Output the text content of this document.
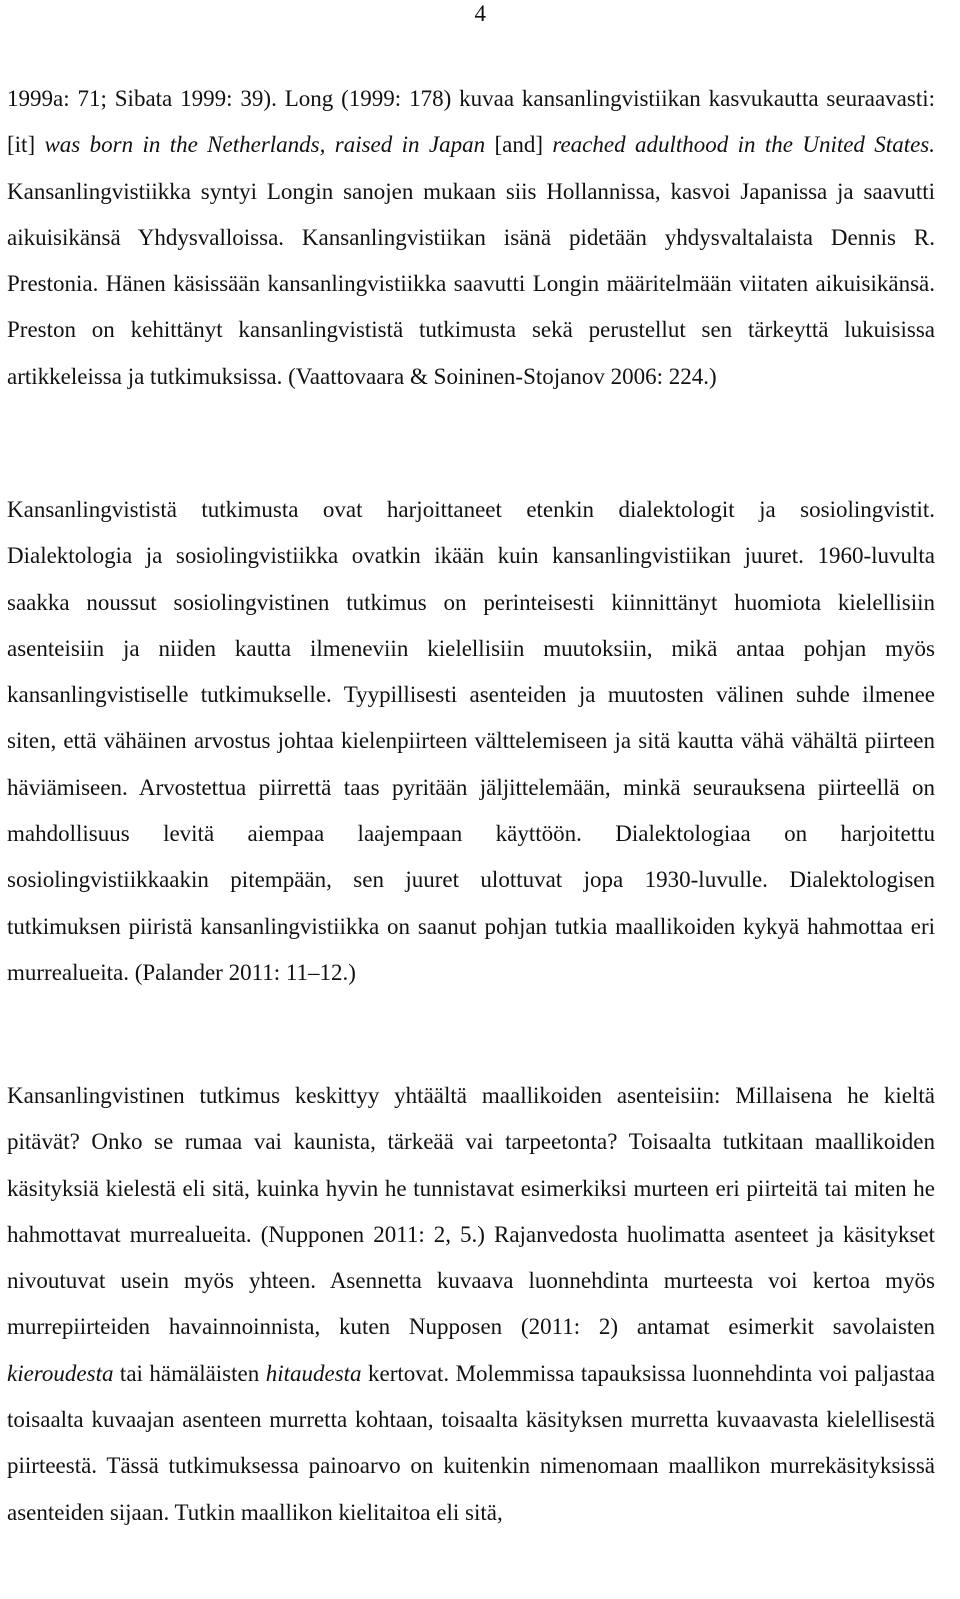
4

1999a: 71; Sibata 1999: 39). Long (1999: 178) kuvaa kansanlingvistiikan kasvukautta seuraavasti: [it] was born in the Netherlands, raised in Japan [and] reached adulthood in the United States. Kansanlingvistiikka syntyi Longin sanojen mukaan siis Hollannissa, kasvoi Japanissa ja saavutti aikuisikänsä Yhdysvalloissa. Kansanlingvistiikan isänä pidetään yhdysvaltalaista Dennis R. Prestonia. Hänen käsissään kansanlingvistiikka saavutti Longin määritelmään viitaten aikuisikänsä. Preston on kehittänyt kansanlingvististä tutkimusta sekä perustellut sen tärkeyttä lukuisissa artikkeleissa ja tutkimuksissa. (Vaattovaara & Soininen-Stojanov 2006: 224.)

Kansanlingvististä tutkimusta ovat harjoittaneet etenkin dialektologit ja sosiolingvistit. Dialektologia ja sosiolingvistiikka ovatkin ikään kuin kansanlingvistiikan juuret. 1960-luvulta saakka noussut sosiolingvistinen tutkimus on perinteisesti kiinnittänyt huomiota kielellisiin asenteisiin ja niiden kautta ilmeneviin kielellisiin muutoksiin, mikä antaa pohjan myös kansanlingvistiselle tutkimukselle. Tyypillisesti asenteiden ja muutosten välinen suhde ilmenee siten, että vähäinen arvostus johtaa kielenpiirteen välttelemiseen ja sitä kautta vähä vähältä piirteen häviämiseen. Arvostettua piirrettä taas pyritään jäljittelemään, minkä seurauksena piirteellä on mahdollisuus levitä aiempaa laajempaan käyttöön. Dialektologiaa on harjoitettu sosiolingvistiikkaakin pitempään, sen juuret ulottuvat jopa 1930-luvulle. Dialektologisen tutkimuksen piiristä kansanlingvistiikka on saanut pohjan tutkia maallikoiden kykyä hahmottaa eri murrealueita. (Palander 2011: 11–12.)

Kansanlingvistinen tutkimus keskittyy yhtäältä maallikoiden asenteisiin: Millaisena he kieltä pitävät? Onko se rumaa vai kaunista, tärkeää vai tarpeetonta? Toisaalta tutkitaan maallikoiden käsityksiä kielestä eli sitä, kuinka hyvin he tunnistavat esimerkiksi murteen eri piirteitä tai miten he hahmottavat murrealueita. (Nupponen 2011: 2, 5.) Rajanvedosta huolimatta asenteet ja käsitykset nivoutuvat usein myös yhteen. Asennetta kuvaava luonnehdinta murteesta voi kertoa myös murrepiirteiden havainnoinnista, kuten Nupposen (2011: 2) antamat esimerkit savolaisten kieroudesta tai hämäläisten hitaudesta kertovat. Molemmissa tapauksissa luonnehdinta voi paljastaa toisaalta kuvaajan asenteen murretta kohtaan, toisaalta käsityksen murretta kuvaavasta kielellisestä piirteestä. Tässä tutkimuksessa painoarvo on kuitenkin nimenomaan maallikon murrekäsityksissä asenteiden sijaan. Tutkin maallikon kielitaitoa eli sitä,
